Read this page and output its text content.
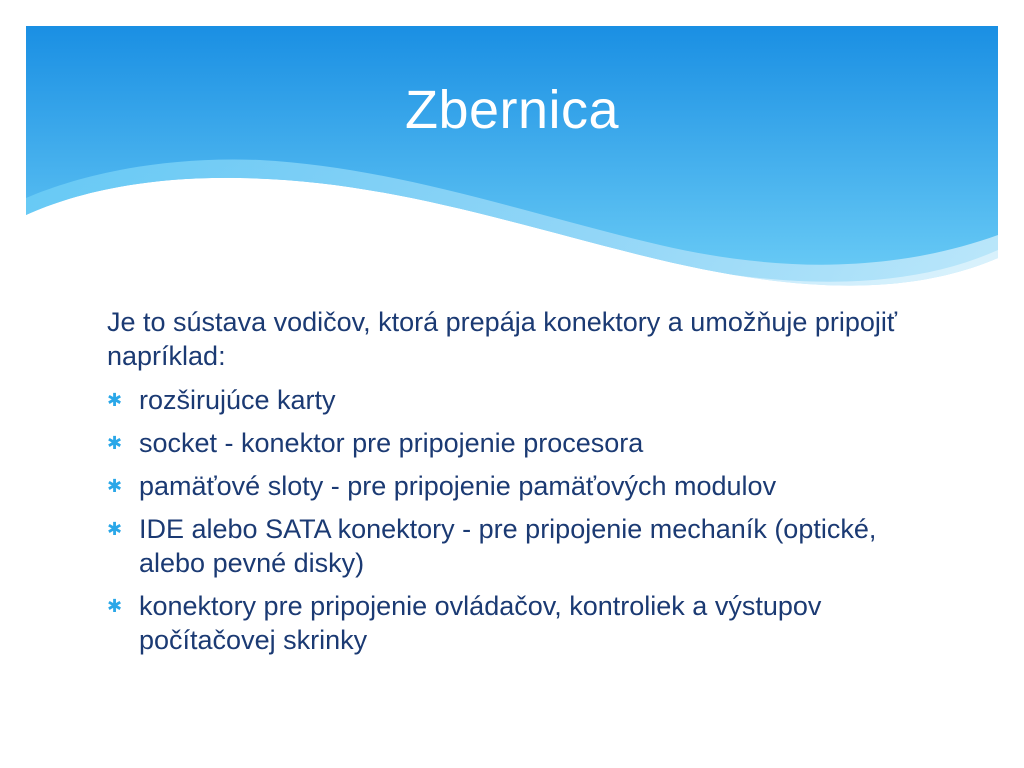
Zbernica

Je to sústava vodičov, ktorá prepája konektory a umožňuje pripojiť napríklad:

✱ rozširujúce karty
✱ socket - konektor pre pripojenie procesora
✱ pamäťové sloty - pre pripojenie pamäťových modulov
✱ IDE alebo SATA konektory - pre pripojenie mechaník (optické, alebo pevné disky)
✱ konektory pre pripojenie ovládačov, kontroliek a výstupov počítačovej skrinky
